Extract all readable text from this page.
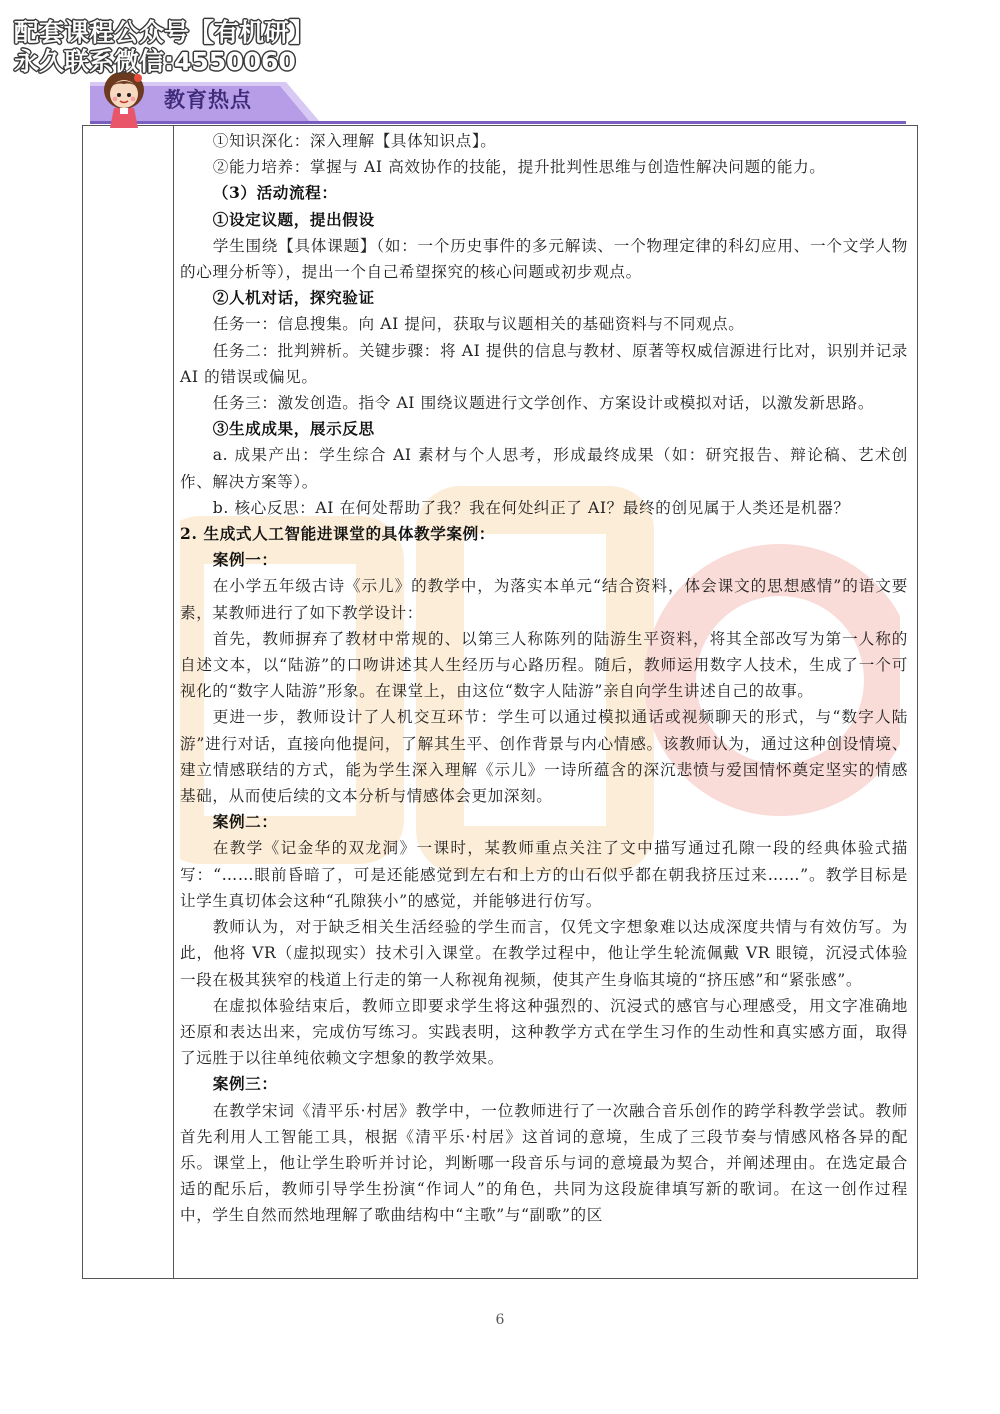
配套课程公众号【有机研】
永久联系微信:4550060
教育热点

①知识深化：深入理解【具体知识点】。

②能力培养：掌握与 AI 高效协作的技能，提升批判性思维与创造性解决问题的能力。

（3）活动流程：

①设定议题，提出假设

学生围绕【具体课题】（如：一个历史事件的多元解读、一个物理定律的科幻应用、一个文学人物的心理分析等），提出一个自己希望探究的核心问题或初步观点。

②人机对话，探究验证

任务一：信息搜集。向 AI 提问，获取与议题相关的基础资料与不同观点。

任务二：批判辨析。关键步骤：将 AI 提供的信息与教材、原著等权威信源进行比对，识别并记录 AI 的错误或偏见。

任务三：激发创造。指令 AI 围绕议题进行文学创作、方案设计或模拟对话，以激发新思路。

③生成成果，展示反思

a. 成果产出：学生综合 AI 素材与个人思考，形成最终成果（如：研究报告、辩论稿、艺术创作、解决方案等）。

b. 核心反思：AI 在何处帮助了我？我在何处纠正了 AI？最终的创见属于人类还是机器？

2. 生成式人工智能进课堂的具体教学案例：

案例一：

在小学五年级古诗《示儿》的教学中，为落实本单元“结合资料，体会课文的思想感情”的语文要素，某教师进行了如下教学设计：

首先，教师摒弃了教材中常规的、以第三人称陈列的陆游生平资料，将其全部改写为第一人称的自述文本，以“陆游”的口吻讲述其人生经历与心路历程。随后，教师运用数字人技术，生成了一个可视化的“数字人陆游”形象。在课堂上，由这位“数字人陆游”亲自向学生讲述自己的故事。

更进一步，教师设计了人机交互环节：学生可以通过模拟通话或视频聊天的形式，与“数字人陆游”进行对话，直接向他提问，了解其生平、创作背景与内心情感。该教师认为，通过这种创设情境、建立情感联结的方式，能为学生深入理解《示儿》一诗所蕴含的深沉悲愤与爱国情怀奠定坚实的情感基础，从而使后续的文本分析与情感体会更加深刻。

案例二：

在教学《记金华的双龙洞》一课时，某教师重点关注了文中描写通过孔隙一段的经典体验式描写：“……眼前昏暗了，可是还能感觉到左右和上方的山石似乎都在朝我挤压过来……”。教学目标是让学生真切体会这种“孔隙狭小”的感觉，并能够进行仿写。

教师认为，对于缺乏相关生活经验的学生而言，仅凭文字想象难以达成深度共情与有效仿写。为此，他将 VR（虚拟现实）技术引入课堂。在教学过程中，他让学生轮流佩戴 VR 眼镜，沉浸式体验一段在极其狭窄的栈道上行走的第一人称视角视频，使其产生身临其境的“挤压感”和“紧张感”。

在虚拟体验结束后，教师立即要求学生将这种强烈的、沉浸式的感官与心理感受，用文字准确地还原和表达出来，完成仿写练习。实践表明，这种教学方式在学生习作的生动性和真实感方面，取得了远胜于以往单纯依赖文字想象的教学效果。

案例三：

在教学宋词《清平乐·村居》教学中，一位教师进行了一次融合音乐创作的跨学科教学尝试。教师首先利用人工智能工具，根据《清平乐·村居》这首词的意境，生成了三段节奏与情感风格各异的配乐。课堂上，他让学生聆听并讨论，判断哪一段音乐与词的意境最为契合，并阐述理由。在选定最合适的配乐后，教师引导学生扮演“作词人”的角色，共同为这段旋律填写新的歌词。在这一创作过程中，学生自然而然地理解了歌曲结构中“主歌”与“副歌”的区

6
